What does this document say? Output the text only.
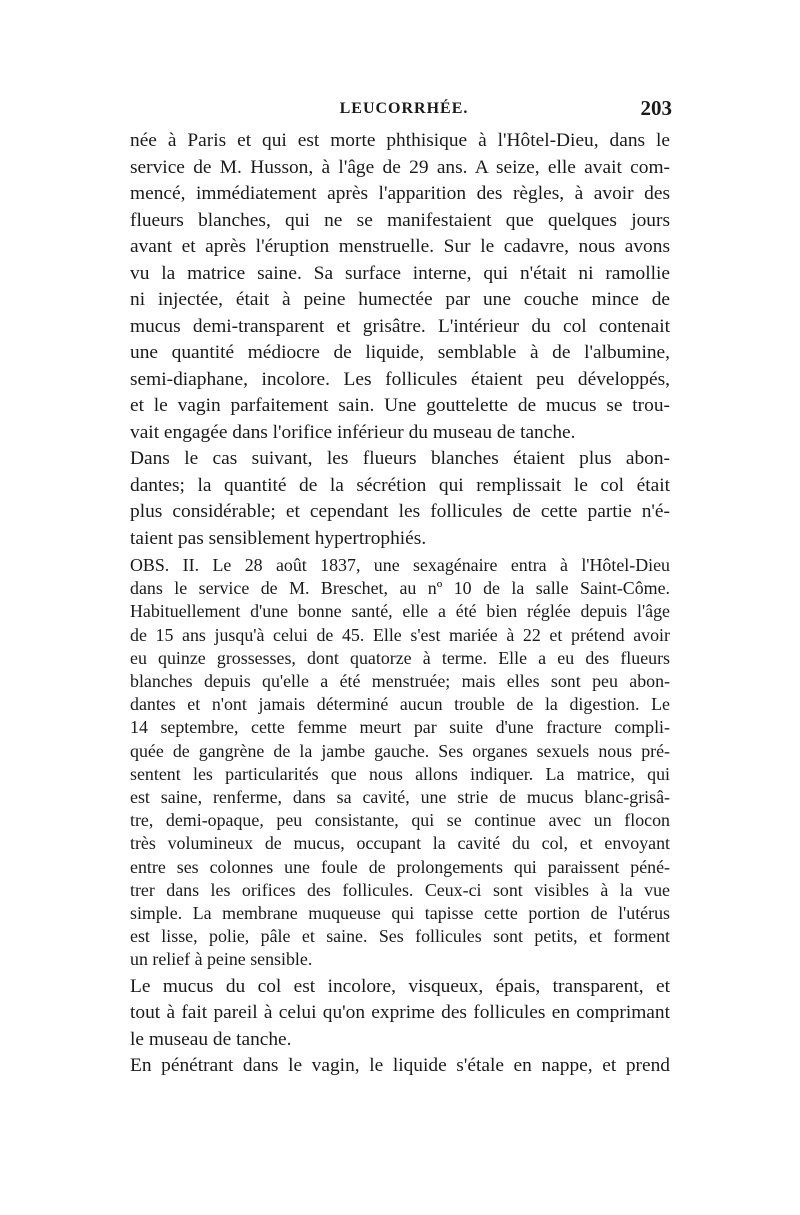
LEUCORRHÉE.	203
née à Paris et qui est morte phthisique à l'Hôtel-Dieu, dans le
service de M. Husson, à l'âge de 29 ans. A seize, elle avait com-
mencé, immédiatement après l'apparition des règles, à avoir des
flueurs blanches, qui ne se manifestaient que quelques jours
avant et après l'éruption menstruelle. Sur le cadavre, nous avons
vu la matrice saine. Sa surface interne, qui n'était ni ramollie
ni injectée, était à peine humectée par une couche mince de
mucus demi-transparent et grisâtre. L'intérieur du col contenait
une quantité médiocre de liquide, semblable à de l'albumine,
semi-diaphane, incolore. Les follicules étaient peu développés,
et le vagin parfaitement sain. Une gouttelette de mucus se trou-
vait engagée dans l'orifice inférieur du museau de tanche.
Dans le cas suivant, les flueurs blanches étaient plus abon-
dantes; la quantité de la sécrétion qui remplissait le col était
plus considérable; et cependant les follicules de cette partie n'é-
taient pas sensiblement hypertrophiés.
OBS. II. Le 28 août 1837, une sexagénaire entra à l'Hôtel-Dieu
dans le service de M. Breschet, au nº 10 de la salle Saint-Côme.
Habituellement d'une bonne santé, elle a été bien réglée depuis l'âge
de 15 ans jusqu'à celui de 45. Elle s'est mariée à 22 et prétend avoir
eu quinze grossesses, dont quatorze à terme. Elle a eu des flueurs
blanches depuis qu'elle a été menstruée; mais elles sont peu abon-
dantes et n'ont jamais déterminé aucun trouble de la digestion. Le
14 septembre, cette femme meurt par suite d'une fracture compli-
quée de gangrène de la jambe gauche. Ses organes sexuels nous pré-
sentent les particularités que nous allons indiquer. La matrice, qui
est saine, renferme, dans sa cavité, une strie de mucus blanc-grisâ-
tre, demi-opaque, peu consistante, qui se continue avec un flocon
très volumineux de mucus, occupant la cavité du col, et envoyant
entre ses colonnes une foule de prolongements qui paraissent péné-
trer dans les orifices des follicules. Ceux-ci sont visibles à la vue
simple. La membrane muqueuse qui tapisse cette portion de l'utérus
est lisse, polie, pâle et saine. Ses follicules sont petits, et forment
un relief à peine sensible.
Le mucus du col est incolore, visqueux, épais, transparent, et
tout à fait pareil à celui qu'on exprime des follicules en comprimant
le museau de tanche.
En pénétrant dans le vagin, le liquide s'étale en nappe, et prend
